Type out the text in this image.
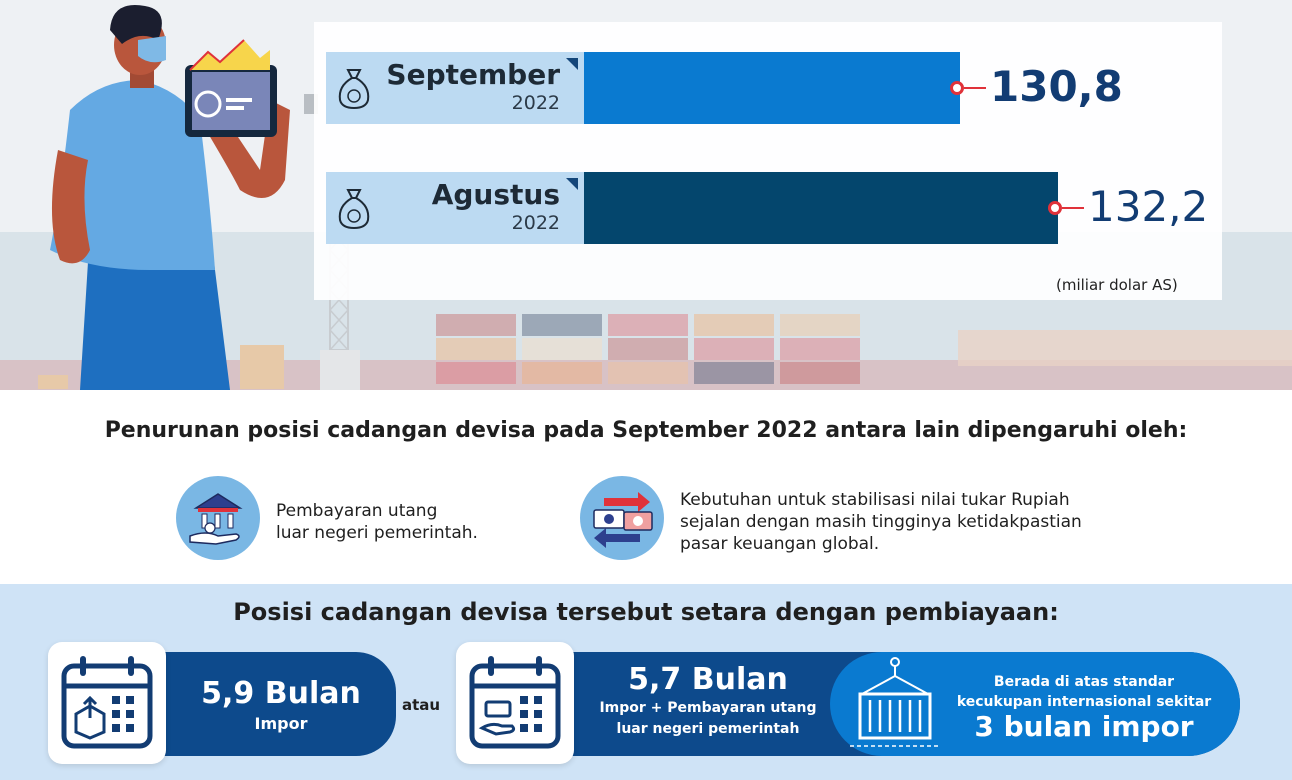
September
2022	130,8
Agustus
2022	132,2
(miliar dolar AS)
Penurunan posisi cadangan devisa pada September 2022 antara lain dipengaruhi oleh:
Pembayaran utang
luar negeri pemerintah.
Kebutuhan untuk stabilisasi nilai tukar Rupiah
sejalan dengan masih tingginya ketidakpastian
pasar keuangan global.
Posisi cadangan devisa tersebut setara dengan pembiayaan:
5,9 Bulan
Impor
atau
5,7 Bulan
Impor + Pembayaran utang
luar negeri pemerintah
Berada di atas standar
kecukupan internasional sekitar
3 bulan impor
